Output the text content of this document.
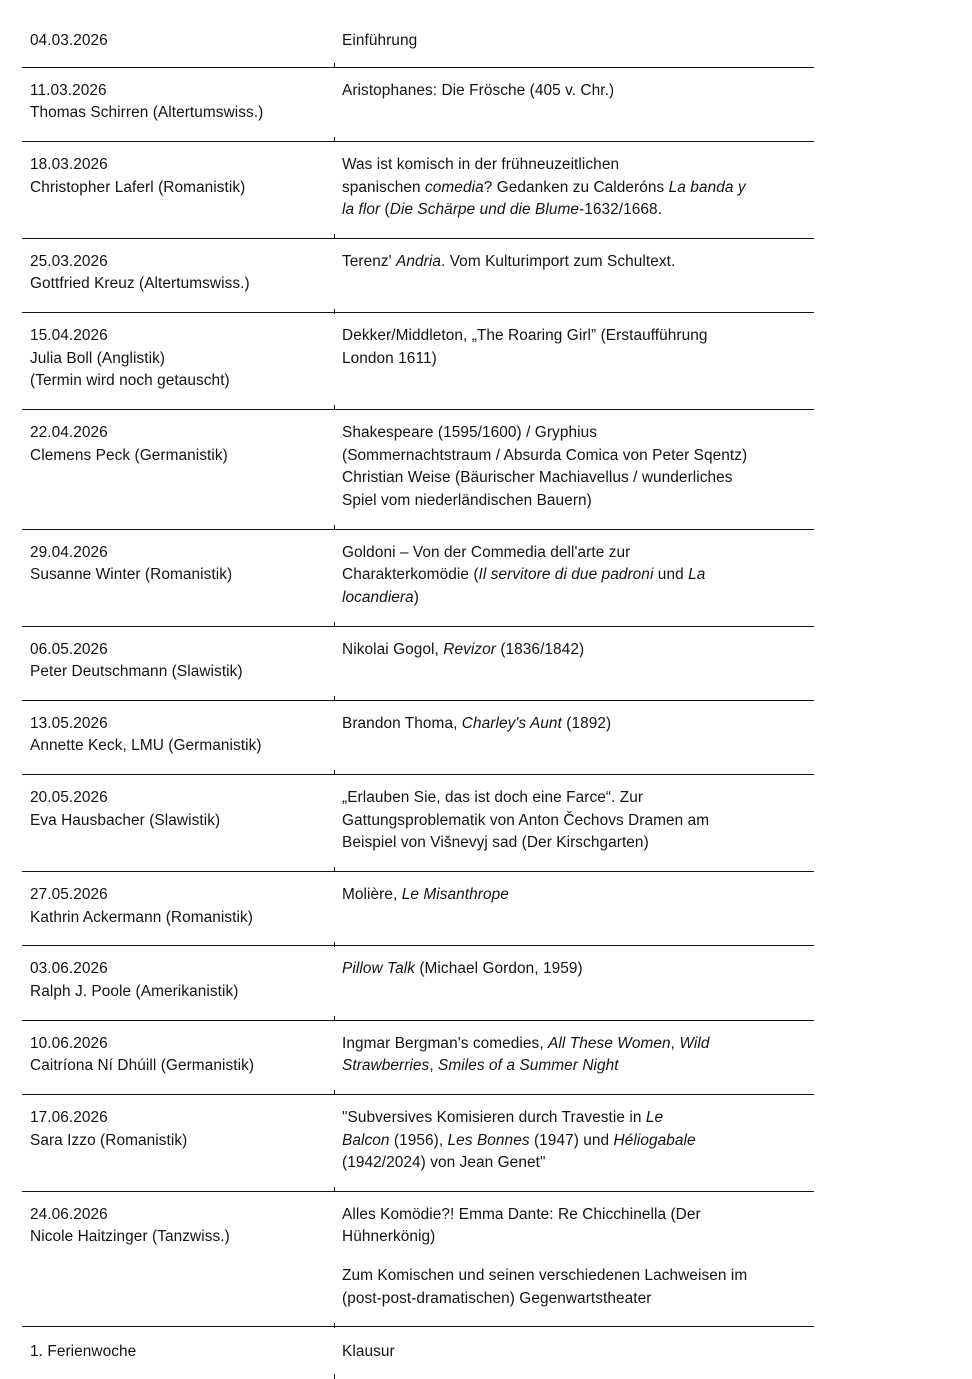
04.03.2026	Einführung

11.03.2026
Thomas Schirren (Altertumswiss.)	Aristophanes: Die Frösche (405 v. Chr.)

18.03.2026
Christopher Laferl (Romanistik)	Was ist komisch in der frühneuzeitlichen
spanischen comedia? Gedanken zu Calderóns La banda y
la flor (Die Schärpe und die Blume-1632/1668.

25.03.2026
Gottfried Kreuz (Altertumswiss.)	Terenz' Andria. Vom Kulturimport zum Schultext.

15.04.2026
Julia Boll (Anglistik)
(Termin wird noch getauscht)	Dekker/Middleton, „The Roaring Girl” (Erstaufführung
London 1611)

22.04.2026
Clemens Peck (Germanistik)	Shakespeare (1595/1600) / Gryphius
(Sommernachtstraum / Absurda Comica von Peter Sqentz)
Christian Weise (Bäurischer Machiavellus / wunderliches
Spiel vom niederländischen Bauern)

29.04.2026
Susanne Winter (Romanistik)	Goldoni – Von der Commedia dell'arte zur
Charakterkomödie (Il servitore di due padroni und La
locandiera)

06.05.2026
Peter Deutschmann (Slawistik)	Nikolai Gogol, Revizor (1836/1842)

13.05.2026
Annette Keck, LMU (Germanistik)	Brandon Thoma, Charley's Aunt (1892)

20.05.2026
Eva Hausbacher (Slawistik)	„Erlauben Sie, das ist doch eine Farce“. Zur
Gattungsproblematik von Anton Čechovs Dramen am
Beispiel von Višnevyj sad (Der Kirschgarten)

27.05.2026
Kathrin Ackermann (Romanistik)	Molière, Le Misanthrope

03.06.2026
Ralph J. Poole (Amerikanistik)	Pillow Talk (Michael Gordon, 1959)

10.06.2026
Caitríona Ní Dhúill (Germanistik)	Ingmar Bergman's comedies, All These Women, Wild
Strawberries, Smiles of a Summer Night

17.06.2026
Sara Izzo (Romanistik)	"Subversives Komisieren durch Travestie in Le
Balcon (1956), Les Bonnes (1947) und Héliogabale
(1942/2024) von Jean Genet"

24.06.2026
Nicole Haitzinger (Tanzwiss.)	Alles Komödie?! Emma Dante: Re Chicchinella (Der
Hühnerkönig)
Zum Komischen und seinen verschiedenen Lachweisen im
(post-post-dramatischen) Gegenwartstheater

1. Ferienwoche	Klausur
